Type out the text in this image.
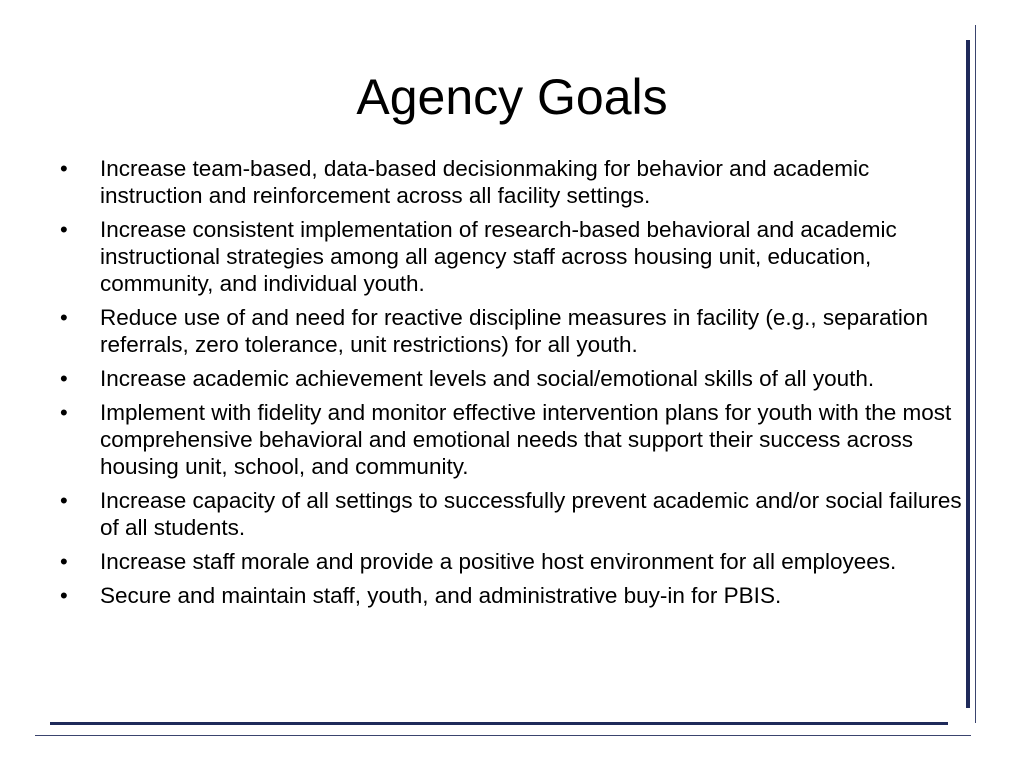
Agency Goals
• Increase team-based, data-based decisionmaking for behavior and academic instruction and reinforcement across all facility settings.
• Increase consistent implementation of research-based behavioral and academic instructional strategies among all agency staff across housing unit, education, community, and individual youth.
• Reduce use of and need for reactive discipline measures in facility (e.g., separation referrals, zero tolerance, unit restrictions) for all youth.
• Increase academic achievement levels and social/emotional skills of all youth.
• Implement with fidelity and monitor effective intervention plans for youth with the most comprehensive behavioral and emotional needs that support their success across housing unit, school, and community.
• Increase capacity of all settings to successfully prevent academic and/or social failures of all students.
• Increase staff morale and provide a positive host environment for all employees.
• Secure and maintain staff, youth, and administrative buy-in for PBIS.
